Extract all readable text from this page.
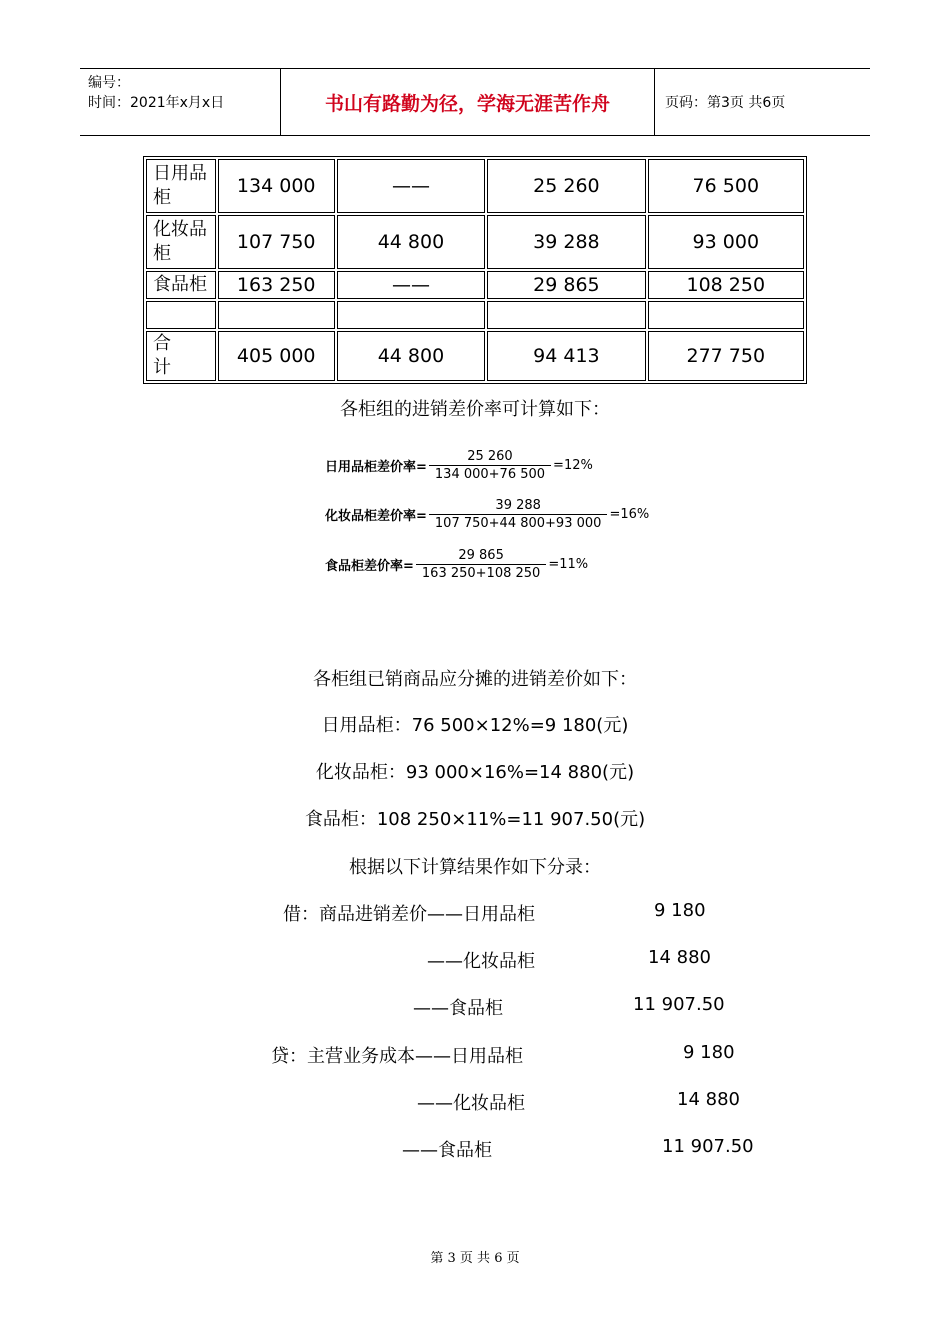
编号：
时间：2021年x月x日	书山有路勤为径，学海无涯苦作舟	页码：第3页 共6页
日用品柜	134 000	——	25 260	76 500
化妆品柜	107 750	44 800	39 288	93 000
食品柜	163 250	——	29 865	108 250

合计	405 000	44 800	94 413	277 750
各柜组的进销差价率可计算如下：
日用品柜差价率= $\frac{25 260}{134 000+76 500} =12\%$
化妆品柜差价率= $\frac{39 288}{107 750+44 800+93 000} =16\%$
食品柜差价率= $\frac{29 865}{163 250+108 250} =11\%$
各柜组已销商品应分摊的进销差价如下：
日用品柜：76 500×12%=9 180(元)
化妆品柜：93 000×16%=14 880(元)
食品柜：108 250×11%=11 907.50(元)
根据以下计算结果作如下分录：
借：商品进销差价——日用品柜	9 180
——化妆品柜	14 880
——食品柜	11 907.50
贷：主营业务成本——日用品柜	9 180
——化妆品柜	14 880
——食品柜	11 907.50
第 3 页 共 6 页
